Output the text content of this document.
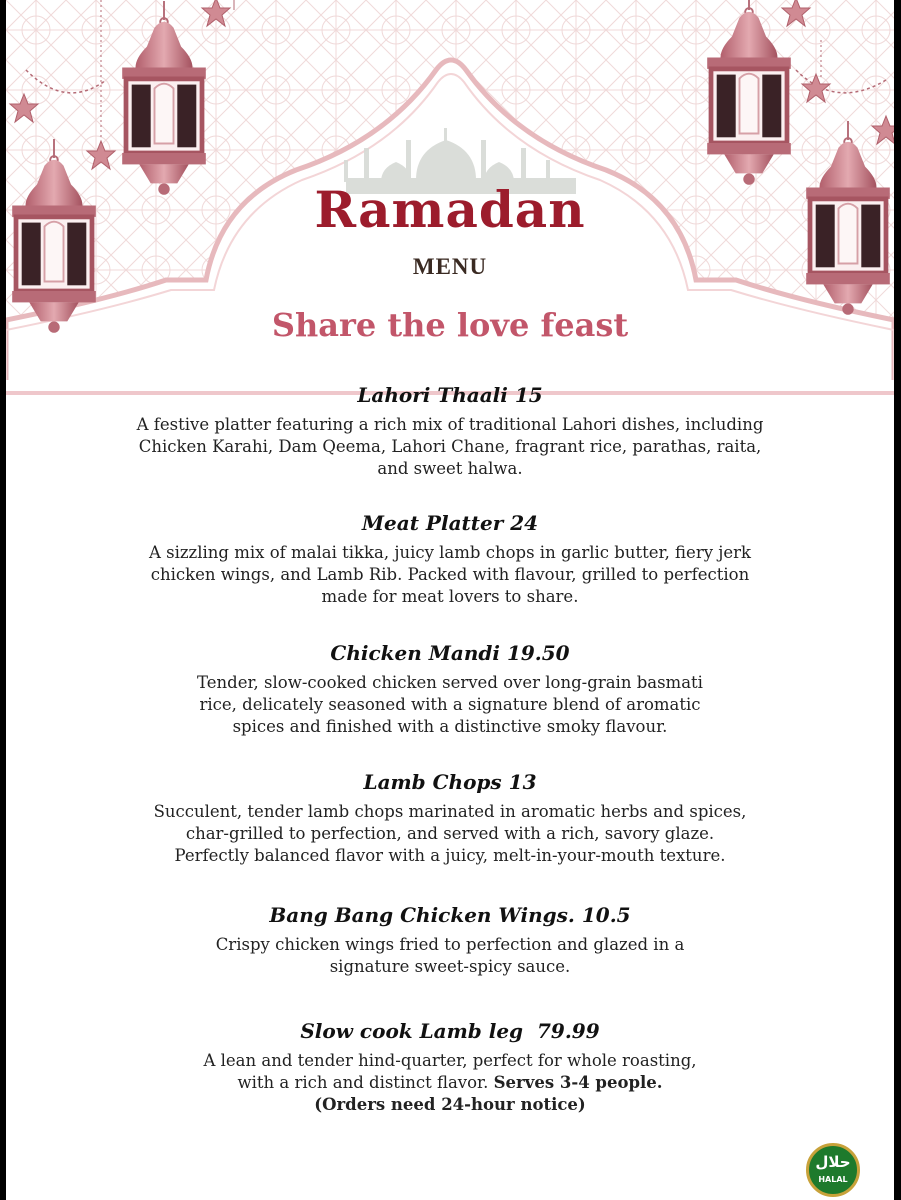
Ramadan
MENU
Share the love feast
Lahori Thaali 15
A festive platter featuring a rich mix of traditional Lahori dishes, including
Chicken Karahi, Dam Qeema, Lahori Chane, fragrant rice, parathas, raita,
and sweet halwa.
Meat Platter 24
A sizzling mix of malai tikka, juicy lamb chops in garlic butter, fiery jerk
chicken wings, and Lamb Rib. Packed with flavour, grilled to perfection
made for meat lovers to share.
Chicken Mandi 19.50
Tender, slow-cooked chicken served over long-grain basmati
rice, delicately seasoned with a signature blend of aromatic
spices and finished with a distinctive smoky flavour.
Lamb Chops 13
Succulent, tender lamb chops marinated in aromatic herbs and spices,
char-grilled to perfection, and served with a rich, savory glaze.
Perfectly balanced flavor with a juicy, melt-in-your-mouth texture.
Bang Bang Chicken Wings. 10.5
Crispy chicken wings fried to perfection and glazed in a
signature sweet-spicy sauce.
Slow cook Lamb leg 79.99
A lean and tender hind-quarter, perfect for whole roasting,
with a rich and distinct flavor. Serves 3-4 people.
(Orders need 24-hour notice)
حلال
HALAL
